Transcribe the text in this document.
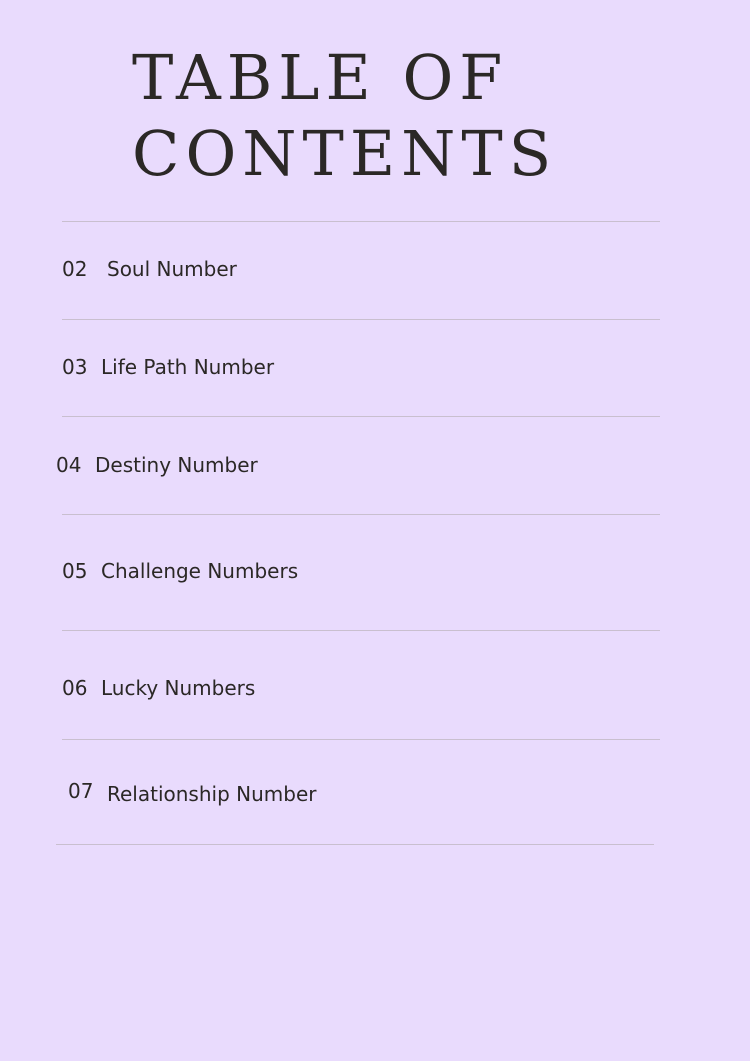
TABLE OF
CONTENTS
02 Soul Number
03 Life Path Number
04 Destiny Number
05 Challenge Numbers
06 Lucky Numbers
07 Relationship Number
